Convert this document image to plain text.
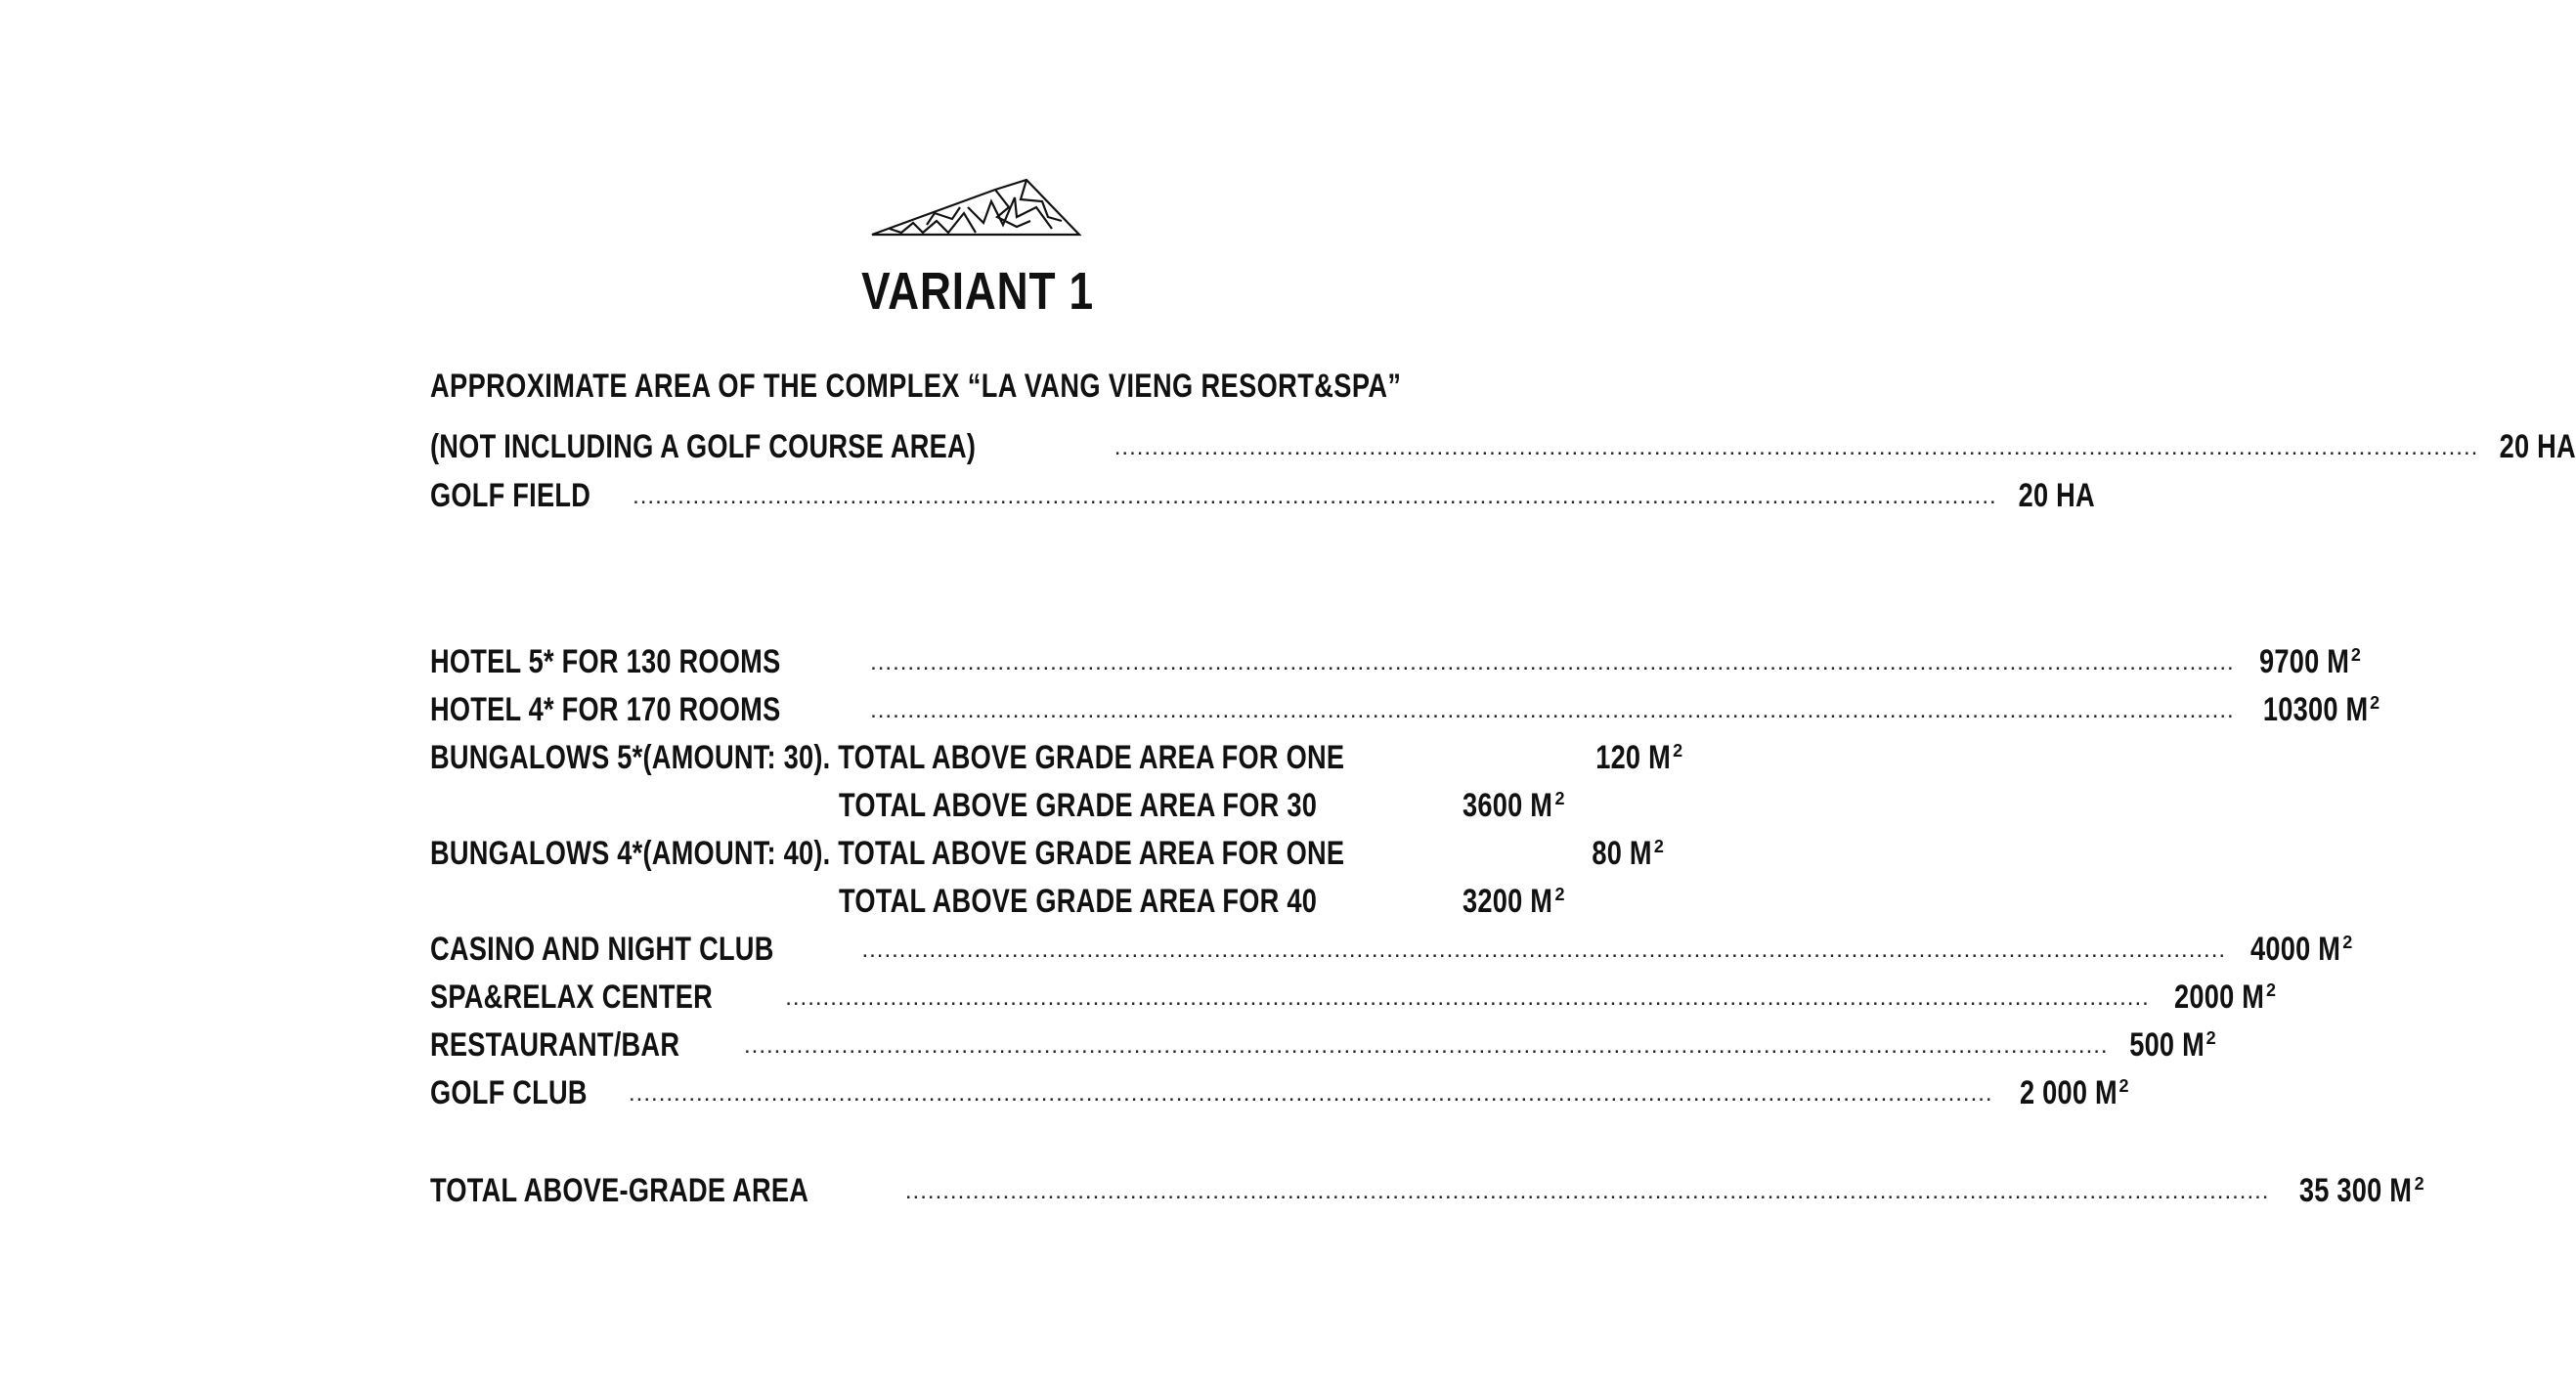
VARIANT 1
APPROXIMATE AREA OF THE COMPLEX “LA VANG VIENG RESORT&SPA”
(NOT INCLUDING A GOLF COURSE AREA)	...................................................................................................................................................................................... 20 HA
GOLF FIELD ...................................................................................................................................................................................... 20 HA
HOTEL 5* FOR 130 ROOMS	...................................................................................................................................................................................... 9700 M $^2$
HOTEL 4* FOR 170 ROOMS	...................................................................................................................................................................................... 10300 M $^2$
BUNGALOWS 5*(AMOUNT: 30). TOTAL ABOVE GRADE AREA FOR ONE	120 M $^2$
TOTAL ABOVE GRADE AREA FOR 30	3600 M $^2$
BUNGALOWS 4*(AMOUNT: 40). TOTAL ABOVE GRADE AREA FOR ONE	80 M $^2$
TOTAL ABOVE GRADE AREA FOR 40	3200 M $^2$
CASINO AND NIGHT CLUB	...................................................................................................................................................................................... 4000 M $^2$
SPA&RELAX CENTER	...................................................................................................................................................................................... 2000 M $^2$
RESTAURANT/BAR	...................................................................................................................................................................................... 500 M $^2$
GOLF CLUB ...................................................................................................................................................................................... 2 000 M $^2$
TOTAL ABOVE-GRADE AREA	...................................................................................................................................................................................... 35 300 M $^2$
